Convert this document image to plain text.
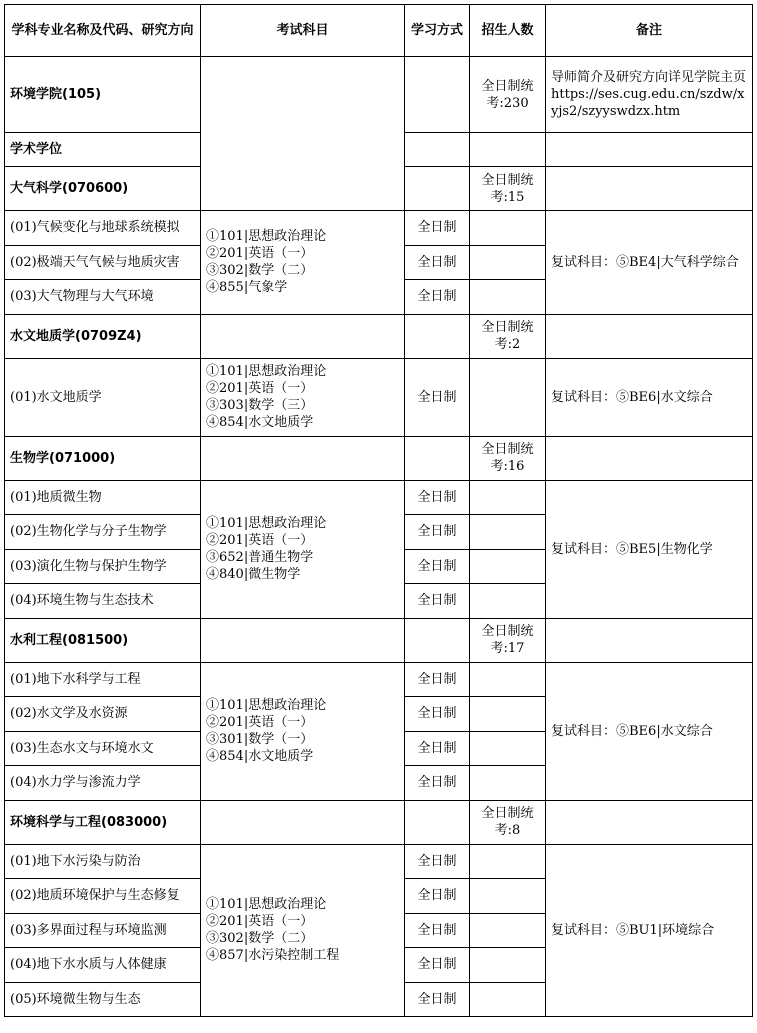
学科专业名称及代码、研究方向	考试科目	学习方式	招生人数	备注
环境学院(105)			全日制统考:230	导师简介及研究方向详见学院主页https://ses.cug.edu.cn/szdw/xyjs2/szyyswdzx.htm
学术学位				
大气科学(070600)			全日制统考:15	
(01)气候变化与地球系统模拟	①101|思想政治理论
②201|英语（一）
③302|数学（二）
④855|气象学	全日制		复试科目：⑤BE4|大气科学综合
(02)极端天气气候与地质灾害		全日制		
(03)大气物理与大气环境		全日制		
水文地质学(0709Z4)			全日制统考:2	
(01)水文地质学	①101|思想政治理论
②201|英语（一）
③303|数学（三）
④854|水文地质学	全日制		复试科目：⑤BE6|水文综合
生物学(071000)			全日制统考:16	
(01)地质微生物	①101|思想政治理论
②201|英语（一）
③652|普通生物学
④840|微生物学	全日制		复试科目：⑤BE5|生物化学
(02)生物化学与分子生物学		全日制		
(03)演化生物与保护生物学		全日制		
(04)环境生物与生态技术		全日制		
水利工程(081500)			全日制统考:17	
(01)地下水科学与工程	①101|思想政治理论
②201|英语（一）
③301|数学（一）
④854|水文地质学	全日制		复试科目：⑤BE6|水文综合
(02)水文学及水资源		全日制		
(03)生态水文与环境水文		全日制		
(04)水力学与渗流力学		全日制		
环境科学与工程(083000)			全日制统考:8	
(01)地下水污染与防治	①101|思想政治理论
②201|英语（一）
③302|数学（二）
④857|水污染控制工程	全日制		复试科目：⑤BU1|环境综合
(02)地质环境保护与生态修复		全日制		
(03)多界面过程与环境监测		全日制		
(04)地下水水质与人体健康		全日制		
(05)环境微生物与生态		全日制		
